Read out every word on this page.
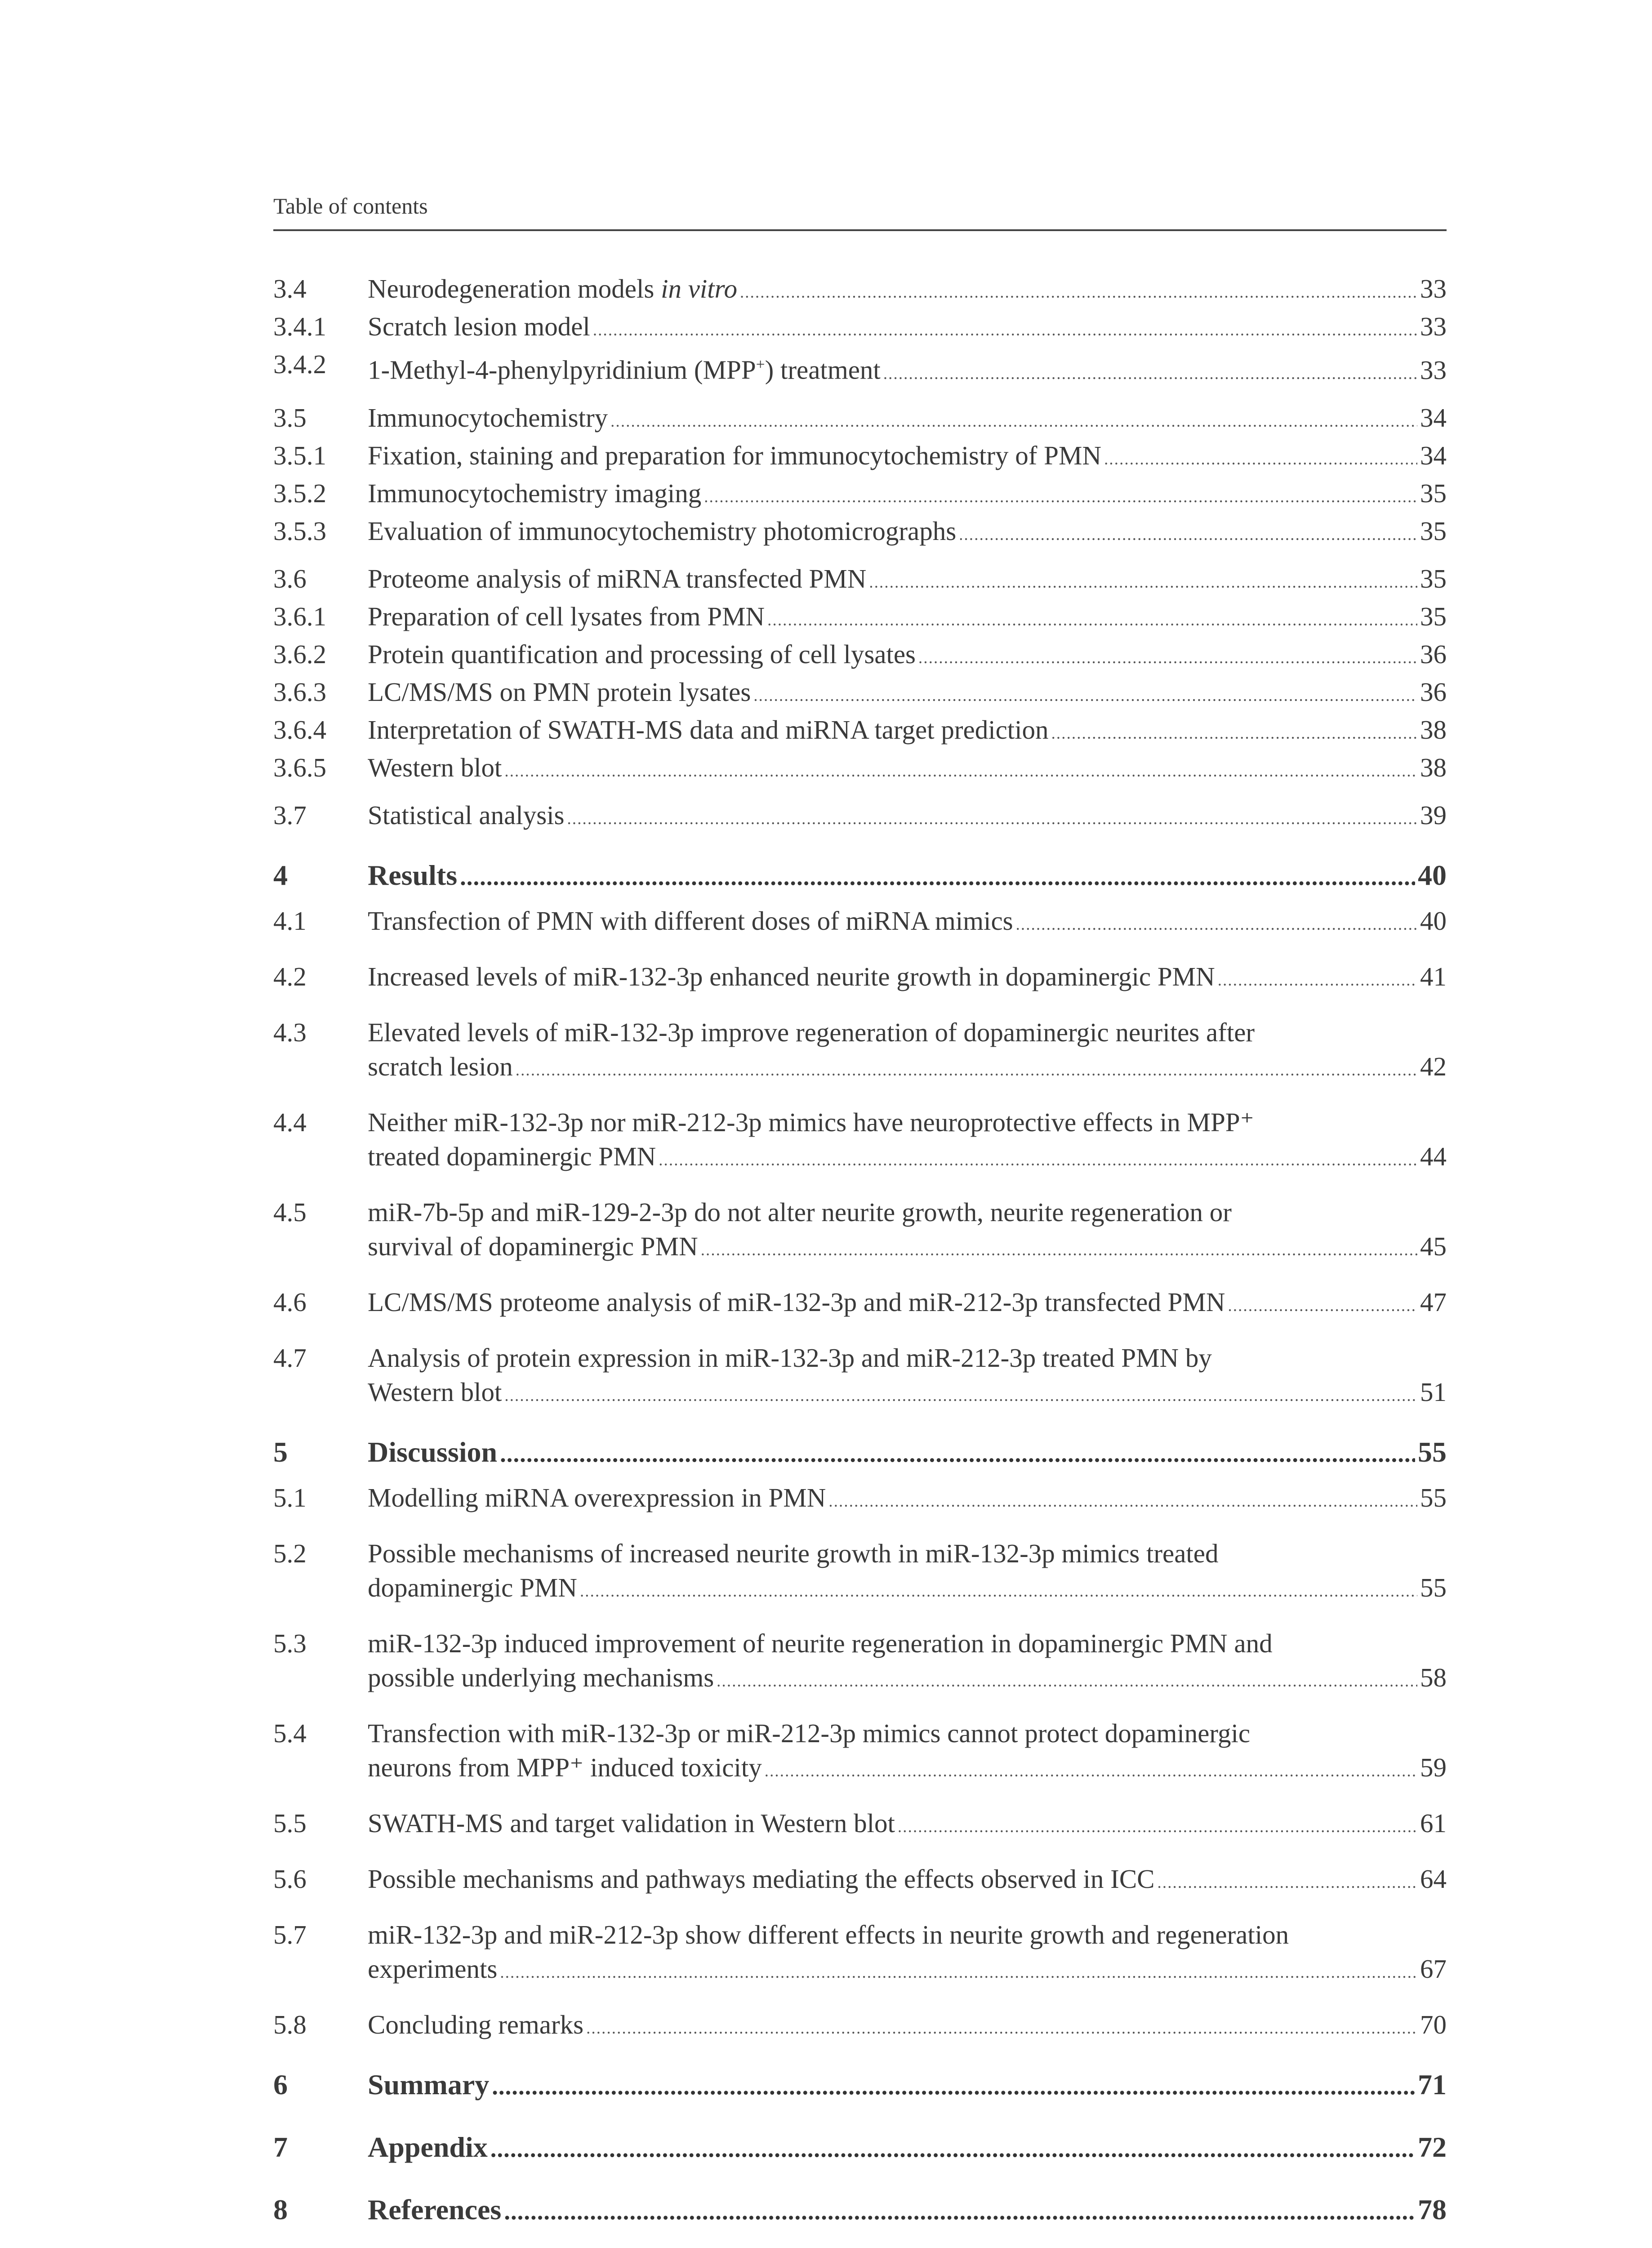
Table of contents
3.4	Neurodegeneration models in vitro .....	33
3.4.1	Scratch lesion model .....	33
3.4.2	1-Methyl-4-phenylpyridinium (MPP+) treatment .....	33
3.5	Immunocytochemistry .....	34
3.5.1	Fixation, staining and preparation for immunocytochemistry of PMN .....	34
3.5.2	Immunocytochemistry imaging .....	35
3.5.3	Evaluation of immunocytochemistry photomicrographs .....	35
3.6	Proteome analysis of miRNA transfected PMN .....	35
3.6.1	Preparation of cell lysates from PMN .....	35
3.6.2	Protein quantification and processing of cell lysates .....	36
3.6.3	LC/MS/MS on PMN protein lysates .....	36
3.6.4	Interpretation of SWATH-MS data and miRNA target prediction .....	38
3.6.5	Western blot .....	38
3.7	Statistical analysis .....	39
4	Results .....	40
4.1	Transfection of PMN with different doses of miRNA mimics .....	40
4.2	Increased levels of miR-132-3p enhanced neurite growth in dopaminergic PMN .....	41
4.3	Elevated levels of miR-132-3p improve regeneration of dopaminergic neurites after
scratch lesion .....	42
4.4	Neither miR-132-3p nor miR-212-3p mimics have neuroprotective effects in MPP⁺
treated dopaminergic PMN .....	44
4.5	miR-7b-5p and miR-129-2-3p do not alter neurite growth, neurite regeneration or
survival of dopaminergic PMN .....	45
4.6	LC/MS/MS proteome analysis of miR-132-3p and miR-212-3p transfected PMN .....	47
4.7	Analysis of protein expression in miR-132-3p and miR-212-3p treated PMN by
Western blot .....	51
5	Discussion .....	55
5.1	Modelling miRNA overexpression in PMN .....	55
5.2	Possible mechanisms of increased neurite growth in miR-132-3p mimics treated
dopaminergic PMN .....	55
5.3	miR-132-3p induced improvement of neurite regeneration in dopaminergic PMN and
possible underlying mechanisms .....	58
5.4	Transfection with miR-132-3p or miR-212-3p mimics cannot protect dopaminergic
neurons from MPP⁺ induced toxicity .....	59
5.5	SWATH-MS and target validation in Western blot .....	61
5.6	Possible mechanisms and pathways mediating the effects observed in ICC .....	64
5.7	miR-132-3p and miR-212-3p show different effects in neurite growth and regeneration
experiments .....	67
5.8	Concluding remarks .....	70
6	Summary .....	71
7	Appendix .....	72
8	References .....	78
